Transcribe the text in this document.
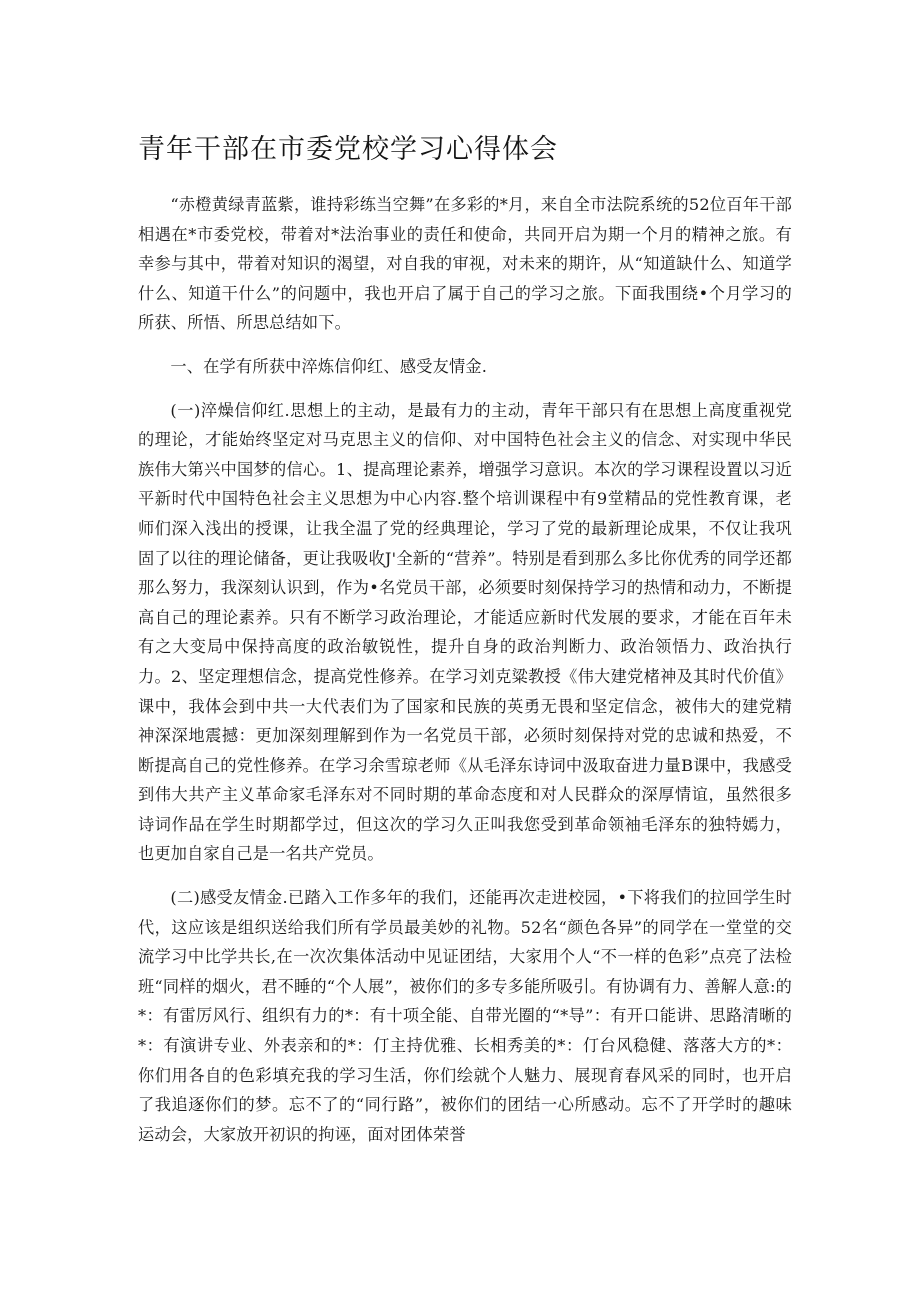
青年干部在市委党校学习心得体会

“赤橙黄绿青蓝紫，谁持彩练当空舞”在多彩的*月，来自全市法院系统的52位百年干部相遇在*市委党校，带着对*法治事业的责任和使命，共同开启为期一个月的精神之旅。有幸参与其中，带着对知识的渴望，对自我的审视，对未来的期许，从“知道缺什么、知道学什么、知道干什么”的问题中，我也开启了属于自己的学习之旅。下面我围绕•个月学习的所获、所悟、所思总结如下。

一、在学有所获中淬炼信仰红、感受友情金.

(一)淬燥信仰红.思想上的主动，是最有力的主动，青年干部只有在思想上高度重视党的理论，才能始终坚定对马克思主义的信仰、对中国特色社会主义的信念、对实现中华民族伟大第兴中国梦的信心。1、提高理论素养，增强学习意识。本次的学习课程设置以习近平新时代中国特色社会主义思想为中心内容.整个培训课程中有9堂精品的党性教育课，老师们深入浅出的授课，让我全温了党的经典理论，学习了党的最新理论成果，不仅让我巩固了以往的理论储备，更让我吸收J'全新的“营养”。特别是看到那么多比你优秀的同学还都那么努力，我深刻认识到，作为•名党员干部，必须要时刻保持学习的热情和动力，不断提高自己的理论素养。只有不断学习政治理论，才能适应新时代发展的要求，才能在百年未有之大变局中保持高度的政治敏锐性，提升自身的政治判断力、政治领悟力、政治执行力。2、坚定理想信念，提高党性修养。在学习刘克粱教授《伟大建党楮神及其时代价值》课中，我体会到中共一大代表们为了国家和民族的英勇无畏和坚定信念，被伟大的建党精神深深地震撼：更加深刻理解到作为一名党员干部，必须时刻保持对党的忠诚和热爱，不断提高自己的党性修养。在学习余雪琼老师《从毛泽东诗词中汲取奋进力量B课中，我感受到伟大共产主义革命家毛泽东对不同时期的革命态度和对人民群众的深厚情谊，虽然很多诗词作品在学生时期都学过，但这次的学习久正叫我您受到革命领袖毛泽东的独特嫣力，也更加自家自己是一名共产党员。

(二)感受友情金.已踏入工作多年的我们，还能再次走进校园，•下将我们的拉回学生时代，这应该是组织送给我们所有学员最美妙的礼物。52名“颜色各异”的同学在一堂堂的交流学习中比学共长,在一次次集体活动中见证团结，大家用个人“不一样的色彩”点亮了法检班“同样的烟火，君不睡的“个人展”，被你们的多专多能所吸引。有协调有力、善解人意:的*：有雷厉风行、组织有力的*：有十项全能、自带光圈的“*导”：有开口能讲、思路清晰的*：有演讲专业、外表亲和的*：仃主持优雅、长相秀美的*：仃台风稳健、落落大方的*：你们用各自的色彩填充我的学习生活，你们绘就个人魅力、展现育春风采的同时，也开启了我追逐你们的梦。忘不了的“同行路”，被你们的团结一心所感动。忘不了开学时的趣味运动会，大家放开初识的拘诬，面对团体荣誉
